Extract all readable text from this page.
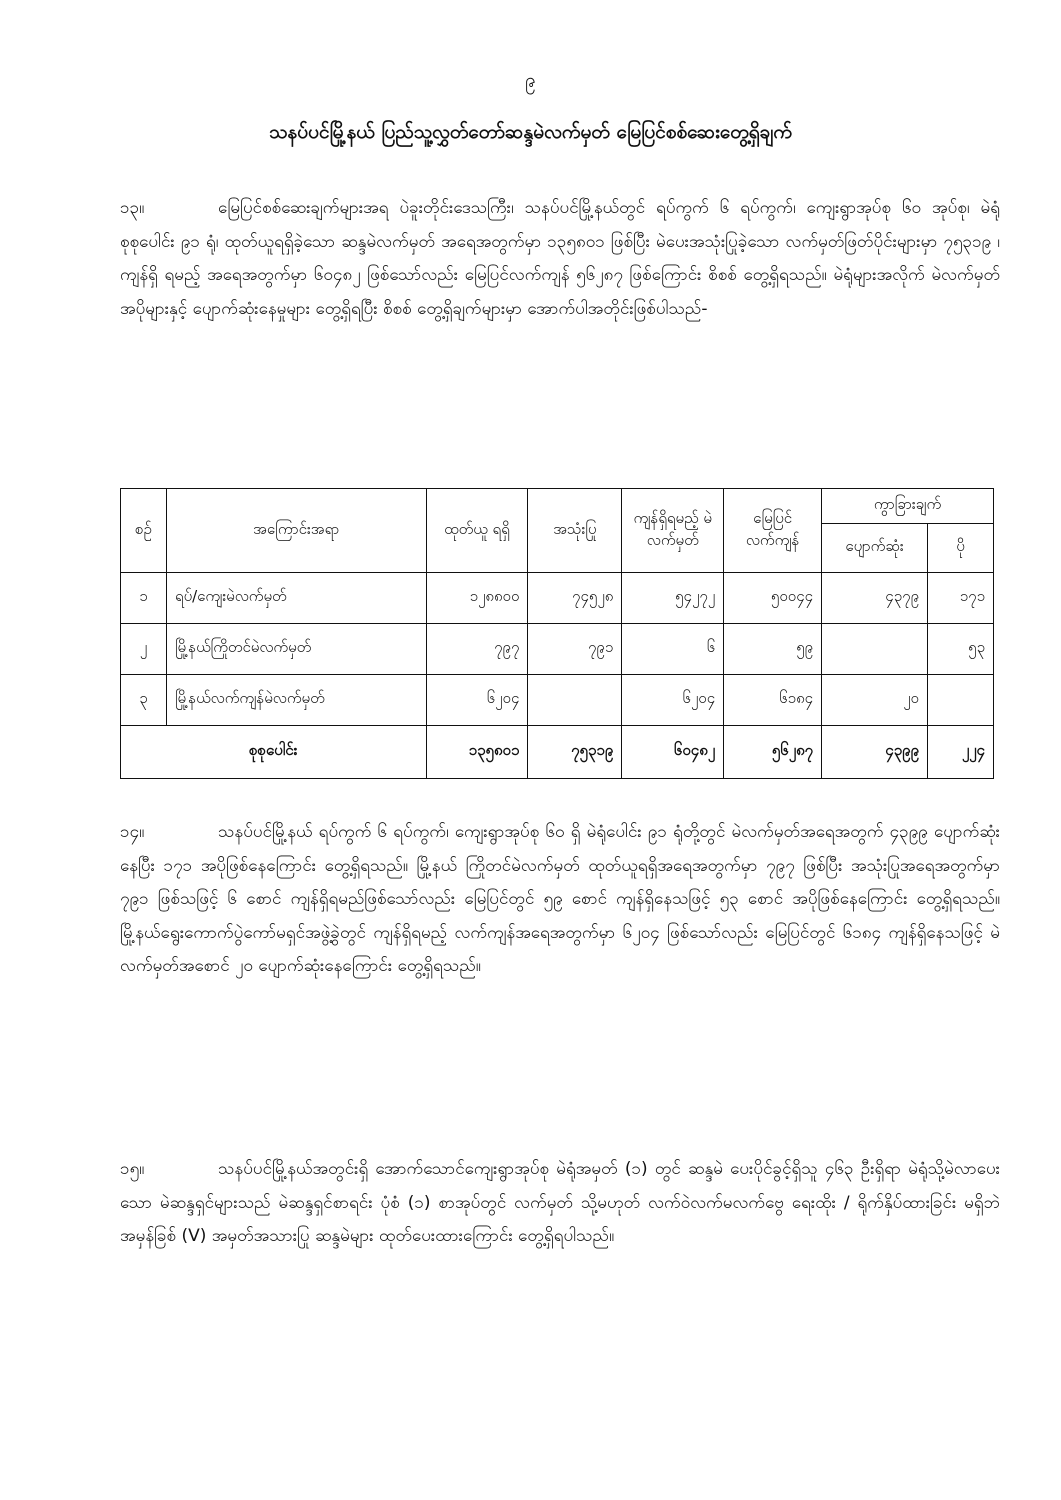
၉
သနပ်ပင်မြို့နယ် ပြည်သူ့လွှတ်တော်ဆန္ဒမဲလက်မှတ် မြေပြင်စစ်ဆေးတွေ့ရှိချက်

၁၃။	မြေပြင်စစ်ဆေးချက်များအရ ပဲခူးတိုင်းဒေသကြီး၊ သနပ်ပင်မြို့နယ်တွင် ရပ်ကွက် ၆ ရပ်ကွက်၊ ကျေးရွာအုပ်စု ၆၀ အုပ်စု၊ မဲရုံစုစုပေါင်း ၉၁ ရုံ၊ ထုတ်ယူရရှိခဲ့သော ဆန္ဒမဲလက်မှတ် အရေအတွက်မှာ ၁၃၅၈၀၁ ဖြစ်ပြီး မဲပေးအသုံးပြုခဲ့သော လက်မှတ်ဖြတ်ပိုင်းများမှာ ၇၅၃၁၉ ၊ ကျန်ရှိ ရမည့် အရေအတွက်မှာ ၆၀၄၈၂ ဖြစ်သော်လည်း မြေပြင်လက်ကျန် ၅၆၂၈၇ ဖြစ်ကြောင်း စိစစ် တွေ့ရှိရသည်။ မဲရုံများအလိုက် မဲလက်မှတ်အပိုများနှင့် ပျောက်ဆုံးနေမှုများ တွေ့ရှိရပြီး စိစစ် တွေ့ရှိချက်များမှာ အောက်ပါအတိုင်းဖြစ်ပါသည်-

စဉ်	အကြောင်းအရာ	ထုတ်ယူ ရရှိ	အသုံးပြု	ကျန်ရှိရမည့် မဲလက်မှတ်	မြေပြင် လက်ကျန်	ကွာခြားချက်	
						ပျောက်ဆုံး	ပို
၁	ရပ်/ကျေးမဲလက်မှတ်	၁၂၈၈၀၀	၇၄၅၂၈	၅၄၂၇၂	၅၀၀၄၄	၄၃၇၉	၁၇၁
၂	မြို့နယ်ကြိုတင်မဲလက်မှတ်	၇၉၇	၇၉၁	၆	၅၉		၅၃
၃	မြို့နယ်လက်ကျန်မဲလက်မှတ်	၆၂၀၄		၆၂၀၄	၆၁၈၄	၂၀	
စုစုပေါင်း		၁၃၅၈၀၁	၇၅၃၁၉	၆၀၄၈၂	၅၆၂၈၇	၄၃၉၉	၂၂၄

၁၄။	သနပ်ပင်မြို့နယ် ရပ်ကွက် ၆ ရပ်ကွက်၊ ကျေးရွာအုပ်စု ၆၀ ရှိ မဲရုံပေါင်း ၉၁ ရုံတို့တွင် မဲလက်မှတ်အရေအတွက် ၄၃၉၉ ပျောက်ဆုံးနေပြီး ၁၇၁ အပိုဖြစ်နေကြောင်း တွေ့ရှိရသည်။ မြို့နယ် ကြိုတင်မဲလက်မှတ် ထုတ်ယူရရှိအရေအတွက်မှာ ၇၉၇ ဖြစ်ပြီး အသုံးပြုအရေအတွက်မှာ ၇၉၁ ဖြစ်သဖြင့် ၆ စောင် ကျန်ရှိရမည်ဖြစ်သော်လည်း မြေပြင်တွင် ၅၉ စောင် ကျန်ရှိနေသဖြင့် ၅၃ စောင် အပိုဖြစ်နေကြောင်း တွေ့ရှိရသည်။ မြို့နယ်ရွေးကောက်ပွဲကော်မရှင်အဖွဲ့ခွဲတွင် ကျန်ရှိရမည့် လက်ကျန်အရေအတွက်မှာ ၆၂၀၄ ဖြစ်သော်လည်း မြေပြင်တွင် ၆၁၈၄ ကျန်ရှိနေသဖြင့် မဲလက်မှတ်အစောင် ၂၀ ပျောက်ဆုံးနေကြောင်း တွေ့ရှိရသည်။

၁၅။	သနပ်ပင်မြို့နယ်အတွင်းရှိ အောက်သောင်ကျေးရွာအုပ်စု မဲရုံအမှတ် (၁) တွင် ဆန္ဒမဲ ပေးပိုင်ခွင့်ရှိသူ ၄၆၃ ဦးရှိရာ မဲရုံသို့မဲလာပေးသော မဲဆန္ဒရှင်များသည် မဲဆန္ဒရှင်စာရင်း ပုံစံ (၁) စာအုပ်တွင် လက်မှတ် သို့မဟုတ် လက်ဝဲလက်မလက်ဗွေ ရေးထိုး / ရိုက်နှိပ်ထားခြင်း မရှိဘဲ အမှန်ခြစ် (V) အမှတ်အသားပြု ဆန္ဒမဲများ ထုတ်ပေးထားကြောင်း တွေ့ရှိရပါသည်။
